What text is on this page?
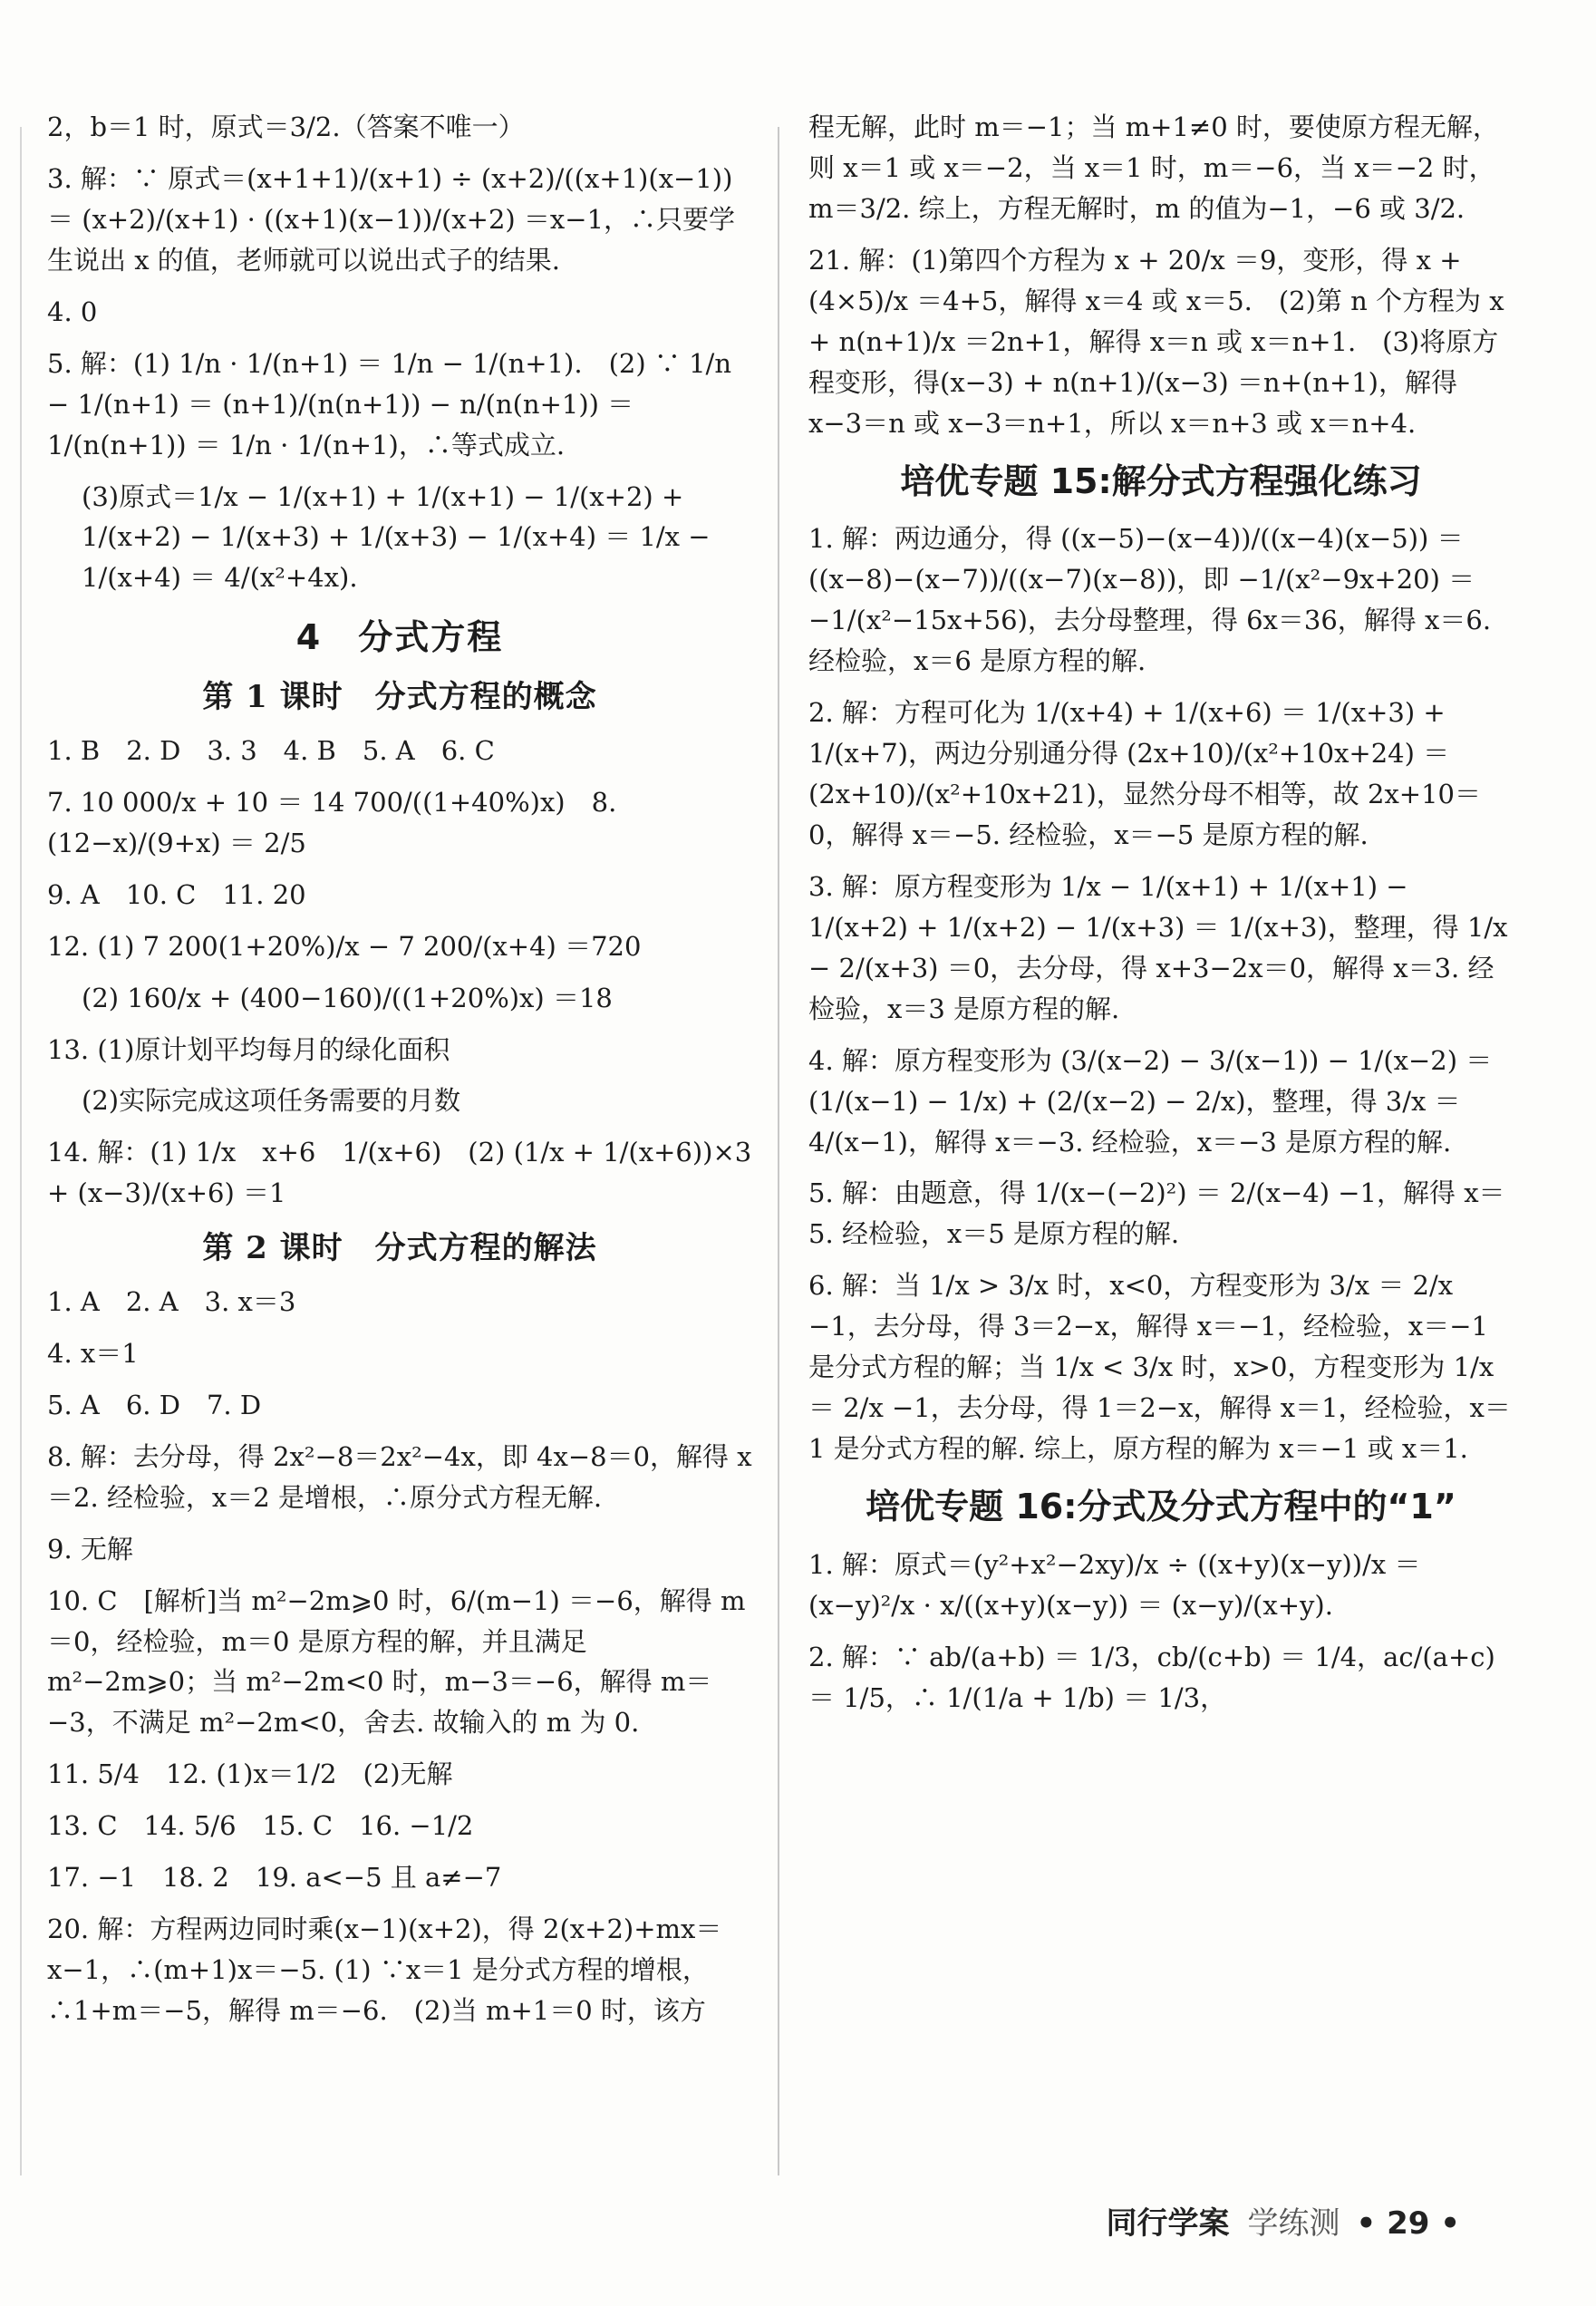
2，b＝1 时，原式＝3/2.（答案不唯一）

3. 解：∵ 原式＝(x+1+1)/(x+1) ÷ (x+2)/((x+1)(x−1)) ＝ (x+2)/(x+1) · ((x+1)(x−1))/(x+2) ＝x−1，∴只要学生说出 x 的值，老师就可以说出式子的结果.

4. 0

5. 解：(1) 1/n · 1/(n+1) ＝ 1/n − 1/(n+1).　(2) ∵ 1/n − 1/(n+1) ＝ (n+1)/(n(n+1)) − n/(n(n+1)) ＝ 1/(n(n+1)) ＝ 1/n · 1/(n+1)，∴等式成立.

(3)原式＝1/x − 1/(x+1) + 1/(x+1) − 1/(x+2) + 1/(x+2) − 1/(x+3) + 1/(x+3) − 1/(x+4) ＝ 1/x − 1/(x+4) ＝ 4/(x²+4x).

4　分式方程
第 1 课时　分式方程的概念

1. B　2. D　3. 3　4. B　5. A　6. C

7. 10 000/x + 10 ＝ 14 700/((1+40%)x)　8. (12−x)/(9+x) ＝ 2/5

9. A　10. C　11. 20

12. (1) 7 200(1+20%)/x − 7 200/(x+4) ＝720

(2) 160/x + (400−160)/((1+20%)x) ＝18

13. (1)原计划平均每月的绿化面积

(2)实际完成这项任务需要的月数

14. 解：(1) 1/x　x+6　1/(x+6)　(2) (1/x + 1/(x+6))×3 + (x−3)/(x+6) ＝1

第 2 课时　分式方程的解法

1. A　2. A　3. x＝3

4. x＝1

5. A　6. D　7. D

8. 解：去分母，得 2x²−8＝2x²−4x，即 4x−8＝0，解得 x＝2. 经检验，x＝2 是增根，∴原分式方程无解.

9. 无解

10. C　[解析]当 m²−2m⩾0 时，6/(m−1) ＝−6，解得 m＝0，经检验，m＝0 是原方程的解，并且满足 m²−2m⩾0；当 m²−2m<0 时，m−3＝−6，解得 m＝−3，不满足 m²−2m<0，舍去. 故输入的 m 为 0.

11. 5/4　12. (1)x＝1/2　(2)无解

13. C　14. 5/6　15. C　16. −1/2

17. −1　18. 2　19. a<−5 且 a≠−7

20. 解：方程两边同时乘(x−1)(x+2)，得 2(x+2)+mx＝x−1，∴(m+1)x＝−5. (1) ∵x＝1 是分式方程的增根，∴1+m＝−5，解得 m＝−6.　(2)当 m+1＝0 时，该方

程无解，此时 m＝−1；当 m+1≠0 时，要使原方程无解，则 x＝1 或 x＝−2，当 x＝1 时，m＝−6，当 x＝−2 时，m＝3/2. 综上，方程无解时，m 的值为−1，−6 或 3/2.

21. 解：(1)第四个方程为 x + 20/x ＝9，变形，得 x + (4×5)/x ＝4+5，解得 x＝4 或 x＝5.　(2)第 n 个方程为 x + n(n+1)/x ＝2n+1，解得 x＝n 或 x＝n+1.　(3)将原方程变形，得(x−3) + n(n+1)/(x−3) ＝n+(n+1)，解得 x−3＝n 或 x−3＝n+1，所以 x＝n+3 或 x＝n+4.

培优专题 15:解分式方程强化练习

1. 解：两边通分，得 ((x−5)−(x−4))/((x−4)(x−5)) ＝ ((x−8)−(x−7))/((x−7)(x−8))，即 −1/(x²−9x+20) ＝ −1/(x²−15x+56)，去分母整理，得 6x＝36，解得 x＝6. 经检验，x＝6 是原方程的解.

2. 解：方程可化为 1/(x+4) + 1/(x+6) ＝ 1/(x+3) + 1/(x+7)，两边分别通分得 (2x+10)/(x²+10x+24) ＝ (2x+10)/(x²+10x+21)，显然分母不相等，故 2x+10＝0，解得 x＝−5. 经检验，x＝−5 是原方程的解.

3. 解：原方程变形为 1/x − 1/(x+1) + 1/(x+1) − 1/(x+2) + 1/(x+2) − 1/(x+3) ＝ 1/(x+3)，整理，得 1/x − 2/(x+3) ＝0，去分母，得 x+3−2x＝0，解得 x＝3. 经检验，x＝3 是原方程的解.

4. 解：原方程变形为 (3/(x−2) − 3/(x−1)) − 1/(x−2) ＝ (1/(x−1) − 1/x) + (2/(x−2) − 2/x)，整理，得 3/x ＝ 4/(x−1)，解得 x＝−3. 经检验，x＝−3 是原方程的解.

5. 解：由题意，得 1/(x−(−2)²) ＝ 2/(x−4) −1，解得 x＝5. 经检验，x＝5 是原方程的解.

6. 解：当 1/x > 3/x 时，x<0，方程变形为 3/x ＝ 2/x −1，去分母，得 3＝2−x，解得 x＝−1，经检验，x＝−1 是分式方程的解；当 1/x < 3/x 时，x>0，方程变形为 1/x ＝ 2/x −1，去分母，得 1＝2−x，解得 x＝1，经检验，x＝1 是分式方程的解. 综上，原方程的解为 x＝−1 或 x＝1.

培优专题 16:分式及分式方程中的“1”

1. 解：原式＝(y²+x²−2xy)/x ÷ ((x+y)(x−y))/x ＝ (x−y)²/x · x/((x+y)(x−y)) ＝ (x−y)/(x+y).

2. 解：∵ ab/(a+b) ＝ 1/3，cb/(c+b) ＝ 1/4，ac/(a+c) ＝ 1/5，∴ 1/(1/a + 1/b) ＝ 1/3，

同行学案 学练测 • 29 •
